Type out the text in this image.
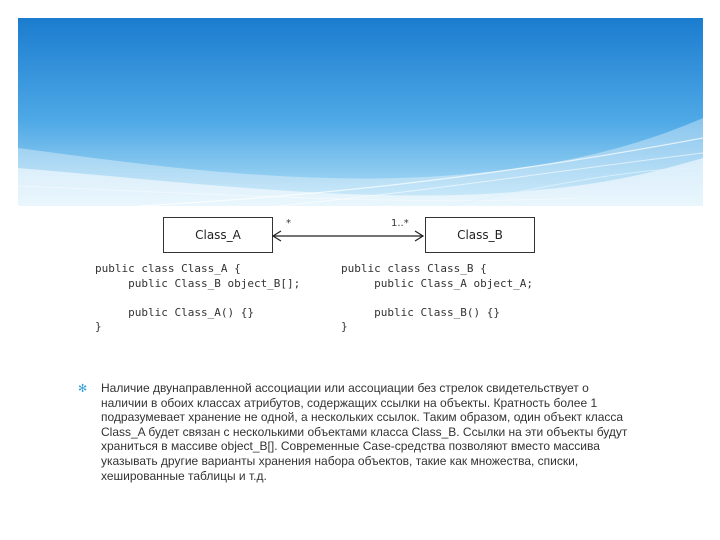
Class_A	Class_B
*	1..*
public class Class_A {
public Class_B object_B[];

public Class_A() {}
}
public class Class_B {
public Class_A object_A;

public Class_B() {}
}
✻ Наличие двунаправленной ассоциации или ассоциации без стрелок свидетельствует о наличии в обоих классах атрибутов, содержащих ссылки на объекты. Кратность более 1 подразумевает хранение не одной, а нескольких ссылок. Таким образом, один объект класса Class_A будет связан с несколькими объектами класса Class_B. Ссылки на эти объекты будут храниться в массиве object_B[]. Современные Case-средства позволяют вместо массива указывать другие варианты хранения набора объектов, такие как множества, списки, хешированные таблицы и т.д.
